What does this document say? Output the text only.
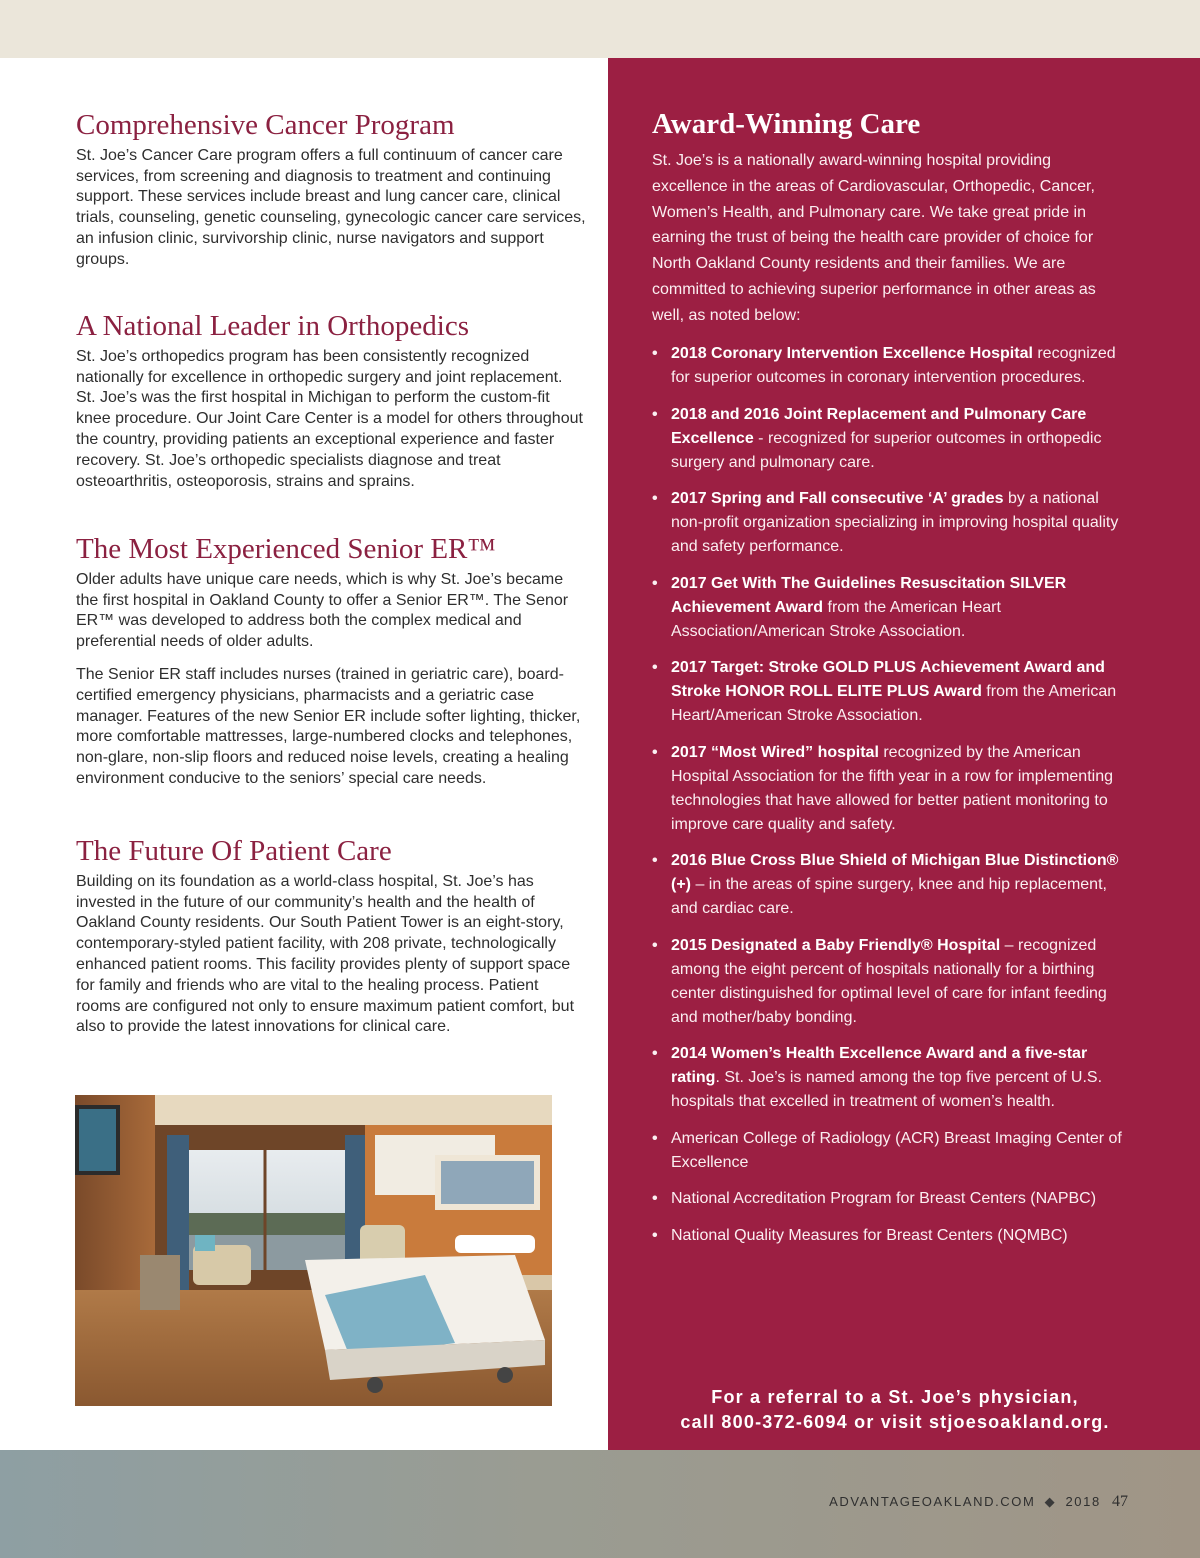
Comprehensive Cancer Program

St. Joe’s Cancer Care program offers a full continuum of cancer care services, from screening and diagnosis to treatment and continuing support. These services include breast and lung cancer care, clinical trials, counseling, genetic counseling, gynecologic cancer care services, an infusion clinic, survivorship clinic, nurse navigators and support groups.

A National Leader in Orthopedics

St. Joe’s orthopedics program has been consistently recognized nationally for excellence in orthopedic surgery and joint replacement. St. Joe’s was the first hospital in Michigan to perform the custom-fit knee procedure. Our Joint Care Center is a model for others throughout the country, providing patients an exceptional experience and faster recovery. St. Joe’s orthopedic specialists diagnose and treat osteoarthritis, osteoporosis, strains and sprains.

The Most Experienced Senior ER™

Older adults have unique care needs, which is why St. Joe’s became the first hospital in Oakland County to offer a Senior ER™. The Senor ER™ was developed to address both the complex medical and preferential needs of older adults.

The Senior ER staff includes nurses (trained in geriatric care), board-certified emergency physicians, pharmacists and a geriatric case manager. Features of the new Senior ER include softer lighting, thicker, more comfortable mattresses, large-numbered clocks and telephones, non-glare, non-slip floors and reduced noise levels, creating a healing environment conducive to the seniors’ special care needs.

The Future Of Patient Care

Building on its foundation as a world-class hospital, St. Joe’s has invested in the future of our community’s health and the health of Oakland County residents. Our South Patient Tower is an eight-story, contemporary-styled patient facility, with 208 private, technologically enhanced patient rooms. This facility provides plenty of support space for family and friends who are vital to the healing process. Patient rooms are configured not only to ensure maximum patient comfort, but also to provide the latest innovations for clinical care.

Award-Winning Care

St. Joe’s is a nationally award-winning hospital providing excellence in the areas of Cardiovascular, Orthopedic, Cancer, Women’s Health, and Pulmonary care. We take great pride in earning the trust of being the health care provider of choice for North Oakland County residents and their families. We are committed to achieving superior performance in other areas as well, as noted below:

• 2018 Coronary Intervention Excellence Hospital recognized for superior outcomes in coronary intervention procedures.
• 2018 and 2016 Joint Replacement and Pulmonary Care Excellence - recognized for superior outcomes in orthopedic surgery and pulmonary care.
• 2017 Spring and Fall consecutive ‘A’ grades by a national non-profit organization specializing in improving hospital quality and safety performance.
• 2017 Get With The Guidelines Resuscitation SILVER Achievement Award from the American Heart Association/American Stroke Association.
• 2017 Target: Stroke GOLD PLUS Achievement Award and Stroke HONOR ROLL ELITE PLUS Award from the American Heart/American Stroke Association.
• 2017 “Most Wired” hospital recognized by the American Hospital Association for the fifth year in a row for implementing technologies that have allowed for better patient monitoring to improve care quality and safety.
• 2016 Blue Cross Blue Shield of Michigan Blue Distinction® (+) – in the areas of spine surgery, knee and hip replacement, and cardiac care.
• 2015 Designated a Baby Friendly® Hospital – recognized among the eight percent of hospitals nationally for a birthing center distinguished for optimal level of care for infant feeding and mother/baby bonding.
• 2014 Women’s Health Excellence Award and a five-star rating. St. Joe’s is named among the top five percent of U.S. hospitals that excelled in treatment of women’s health.
• American College of Radiology (ACR) Breast Imaging Center of Excellence
• National Accreditation Program for Breast Centers (NAPBC)
• National Quality Measures for Breast Centers (NQMBC)

For a referral to a St. Joe’s physician,
call 800-372-6094 or visit stjoesoakland.org.

ADVANTAGEOAKLAND.COM ◆ 2018 47
